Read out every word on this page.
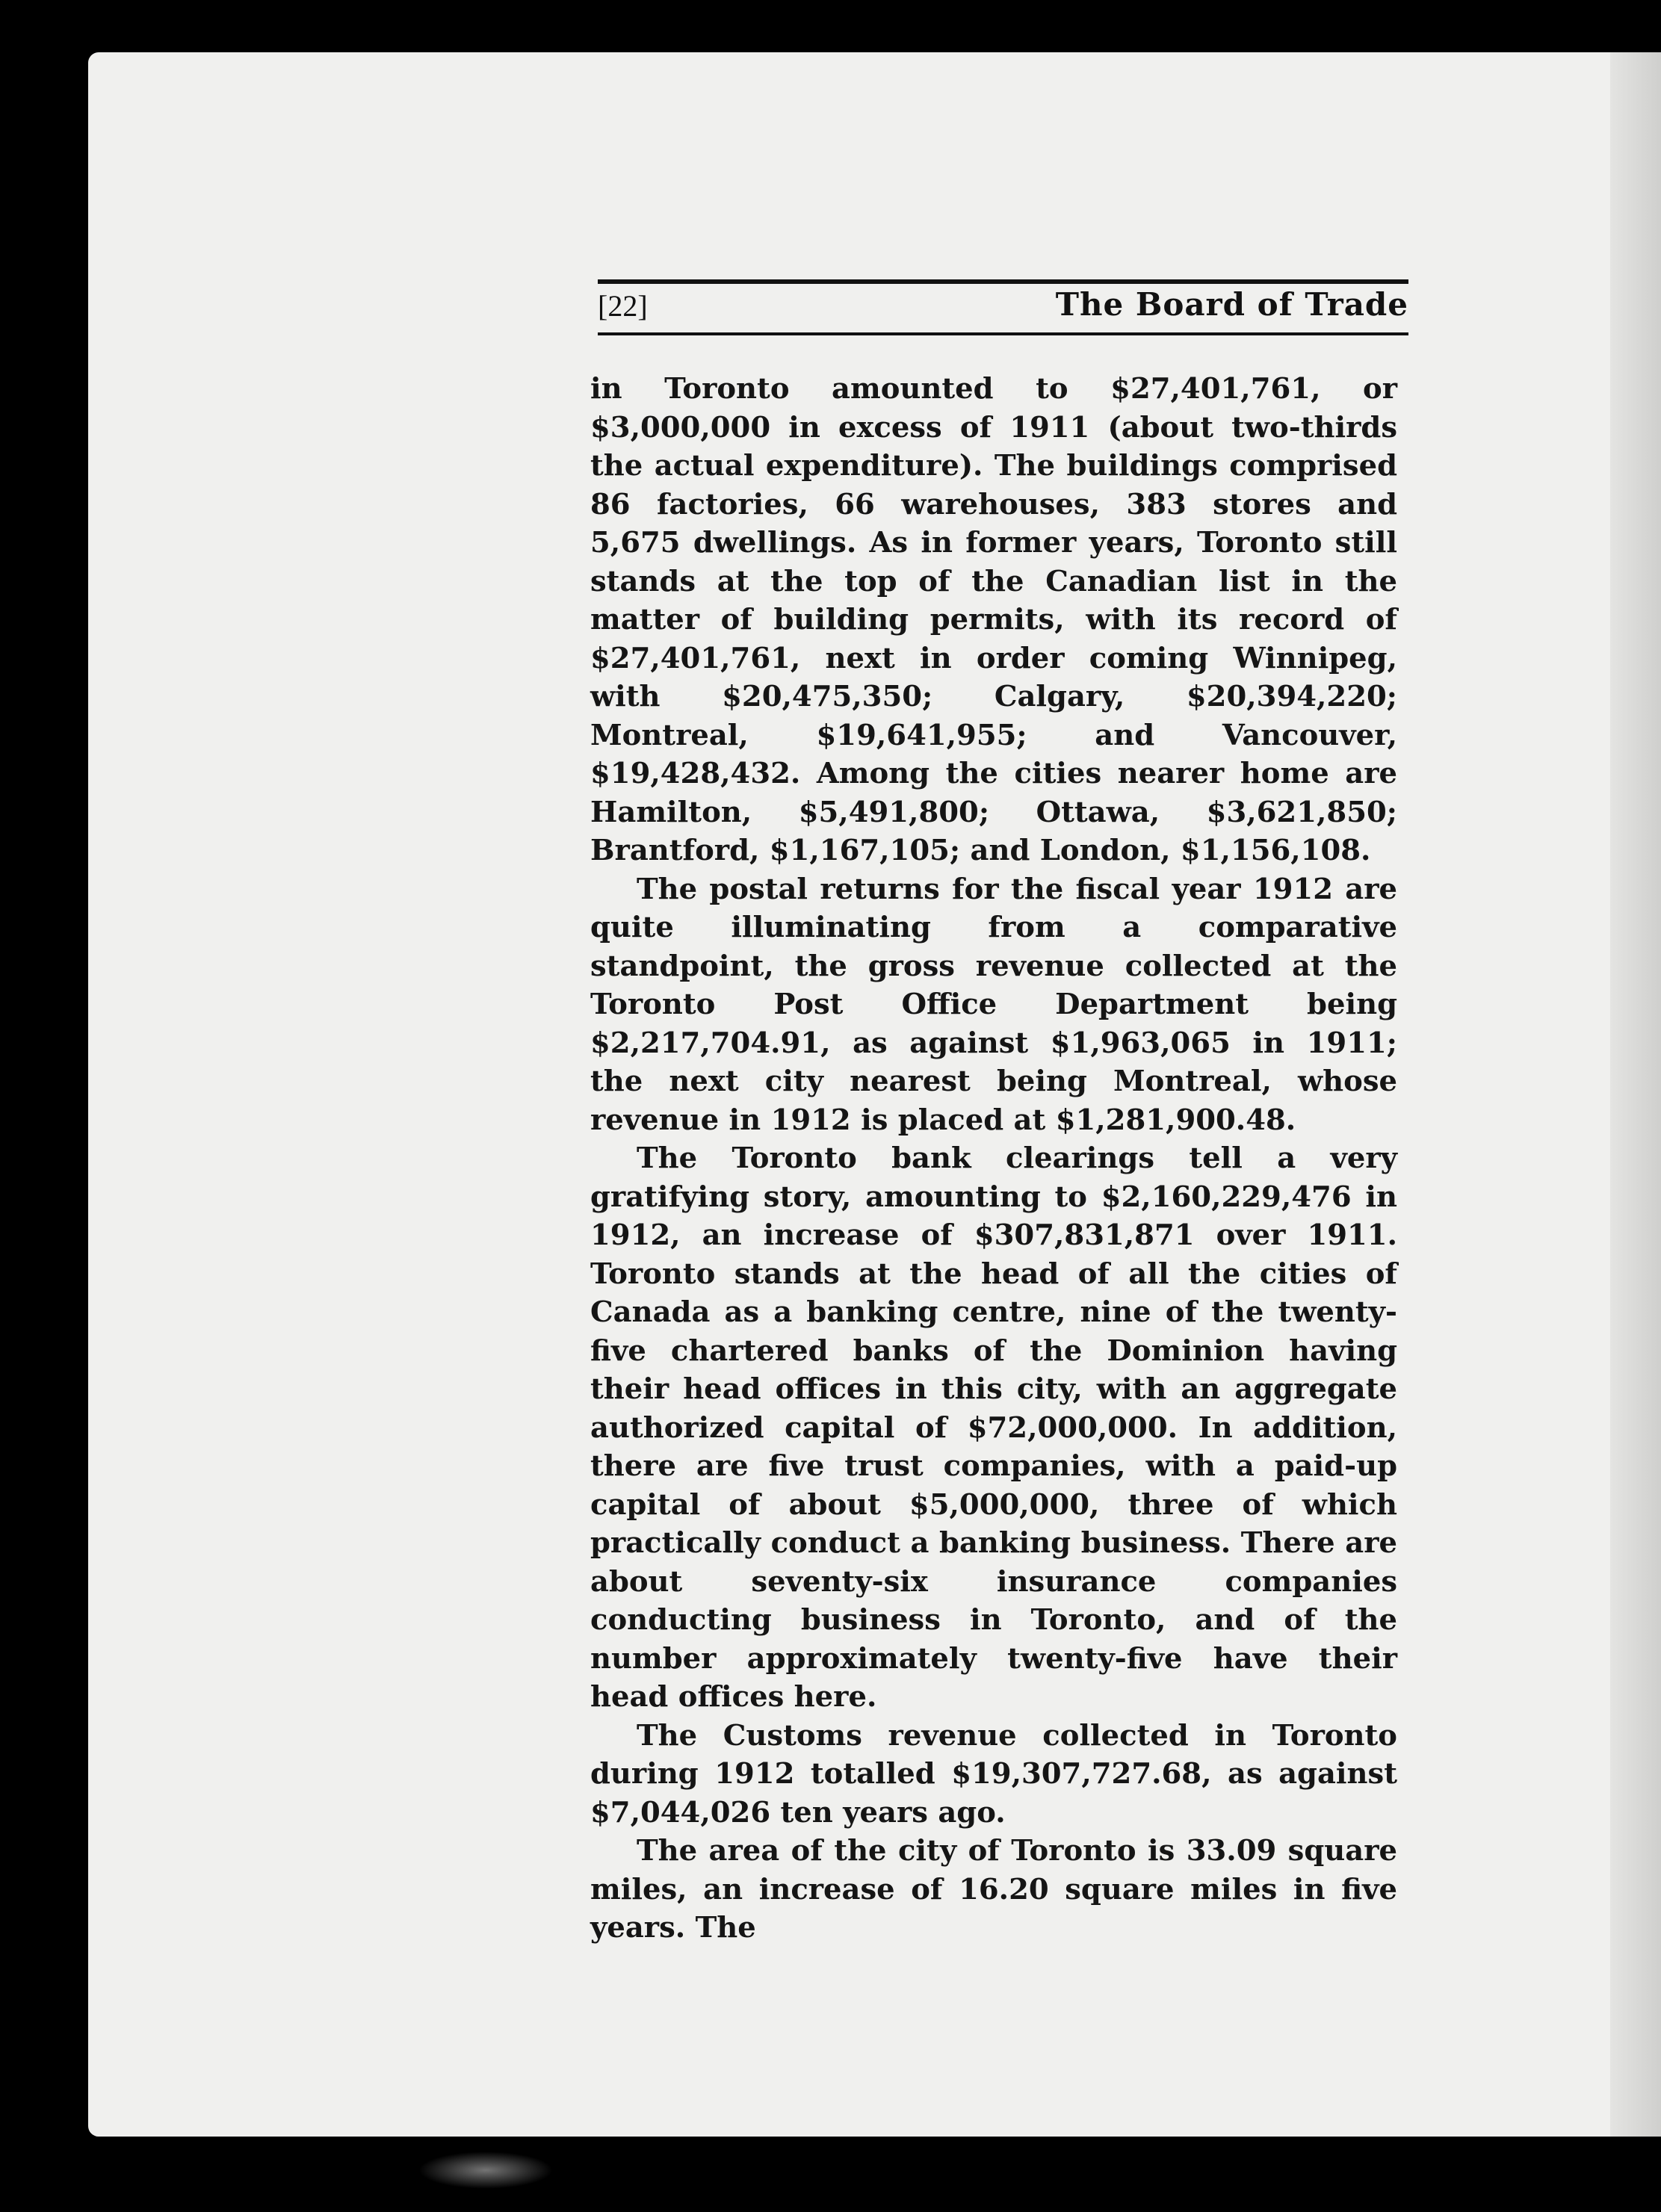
[22]	The Board of Trade

in Toronto amounted to $27,401,761, or $3,000,000 in excess of 1911 (about two-thirds the actual expenditure). The buildings comprised 86 factories, 66 warehouses, 383 stores and 5,675 dwellings. As in former years, Toronto still stands at the top of the Canadian list in the matter of building permits, with its record of $27,401,761, next in order coming Winnipeg, with $20,475,350; Calgary, $20,394,220; Montreal, $19,641,955; and Vancouver, $19,428,432. Among the cities nearer home are Hamilton, $5,491,800; Ottawa, $3,621,850; Brantford, $1,167,105; and London, $1,156,108.

The postal returns for the fiscal year 1912 are quite illuminating from a comparative standpoint, the gross revenue collected at the Toronto Post Office Department being $2,217,704.91, as against $1,963,065 in 1911; the next city nearest being Montreal, whose revenue in 1912 is placed at $1,281,900.48.

The Toronto bank clearings tell a very gratifying story, amounting to $2,160,229,476 in 1912, an increase of $307,831,871 over 1911. Toronto stands at the head of all the cities of Canada as a banking centre, nine of the twenty-five chartered banks of the Dominion having their head offices in this city, with an aggregate authorized capital of $72,000,000. In addition, there are five trust companies, with a paid-up capital of about $5,000,000, three of which practically conduct a banking business. There are about seventy-six insurance companies conducting business in Toronto, and of the number approximately twenty-five have their head offices here.

The Customs revenue collected in Toronto during 1912 totalled $19,307,727.68, as against $7,044,026 ten years ago.

The area of the city of Toronto is 33.09 square miles, an increase of 16.20 square miles in five years. The
